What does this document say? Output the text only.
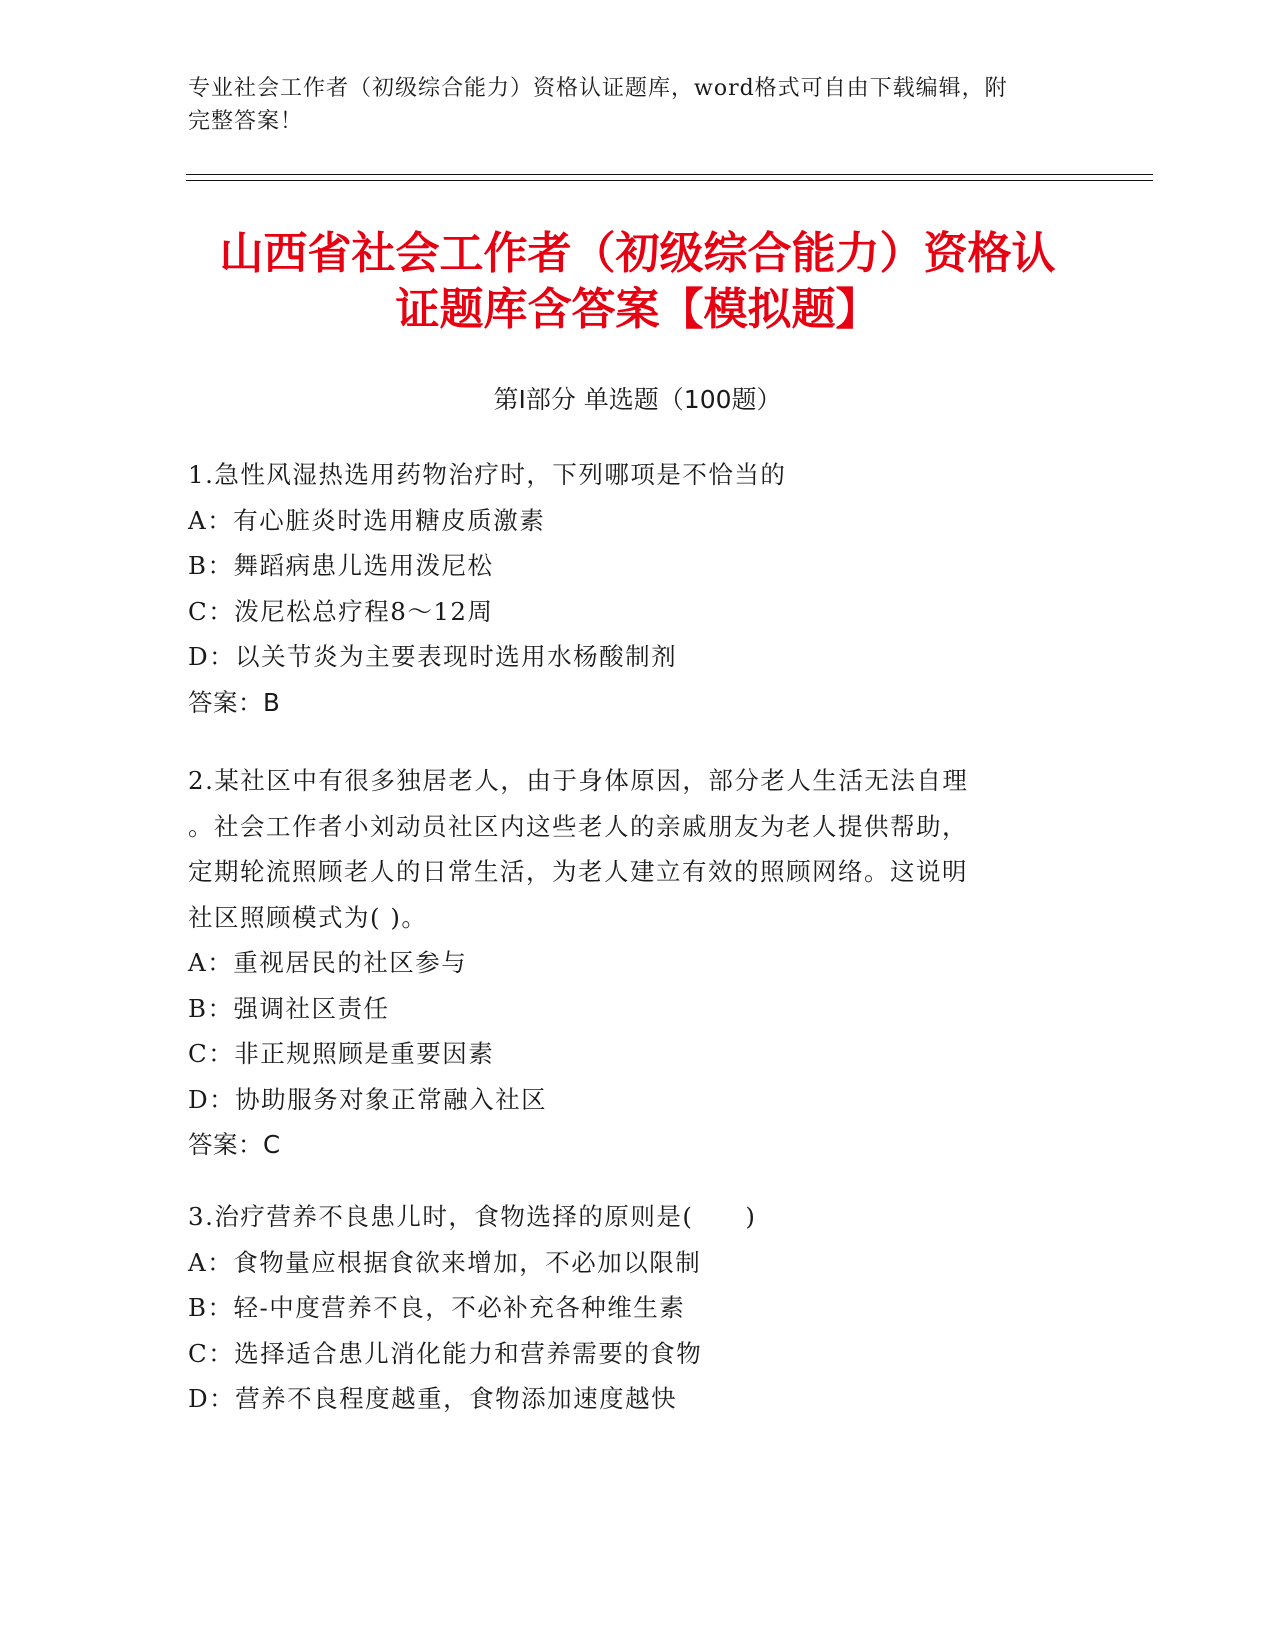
专业社会工作者（初级综合能力）资格认证题库，word格式可自由下载编辑，附
完整答案！
山西省社会工作者（初级综合能力）资格认
证题库含答案【模拟题】
第Ⅰ部分 单选题（100题）
1.急性风湿热选用药物治疗时，下列哪项是不恰当的
A：有心脏炎时选用糖皮质激素
B：舞蹈病患儿选用泼尼松
C：泼尼松总疗程8～12周
D：以关节炎为主要表现时选用水杨酸制剂
答案：B
2.某社区中有很多独居老人，由于身体原因，部分老人生活无法自理
。社会工作者小刘动员社区内这些老人的亲戚朋友为老人提供帮助，
定期轮流照顾老人的日常生活，为老人建立有效的照顾网络。这说明
社区照顾模式为( )。
A：重视居民的社区参与
B：强调社区责任
C：非正规照顾是重要因素
D：协助服务对象正常融入社区
答案：C
3.治疗营养不良患儿时，食物选择的原则是(　　)
A：食物量应根据食欲来增加，不必加以限制
B：轻-中度营养不良，不必补充各种维生素
C：选择适合患儿消化能力和营养需要的食物
D：营养不良程度越重，食物添加速度越快
